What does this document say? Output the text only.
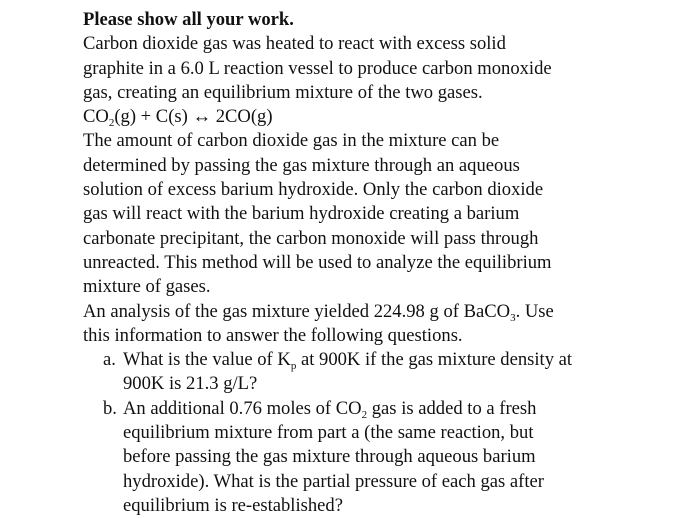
Please show all your work.
Carbon dioxide gas was heated to react with excess solid
graphite in a 6.0 L reaction vessel to produce carbon monoxide
gas, creating an equilibrium mixture of the two gases.
$CO_2(g) + C(s)$ ↔ 2CO(g)
The amount of carbon dioxide gas in the mixture can be
determined by passing the gas mixture through an aqueous
solution of excess barium hydroxide. Only the carbon dioxide
gas will react with the barium hydroxide creating a barium
carbonate precipitant, the carbon monoxide will pass through
unreacted. This method will be used to analyze the equilibrium
mixture of gases.
An analysis of the gas mixture yielded 224.98 g of BaCO$_3$. Use
this information to answer the following questions.
a. What is the value of $K_p$ at 900K if the gas mixture density at
900K is 21.3 g/L?
b. An additional 0.76 moles of $CO_2$ gas is added to a fresh
equilibrium mixture from part a (the same reaction, but
before passing the gas mixture through aqueous barium
hydroxide). What is the partial pressure of each gas after
equilibrium is re-established?
